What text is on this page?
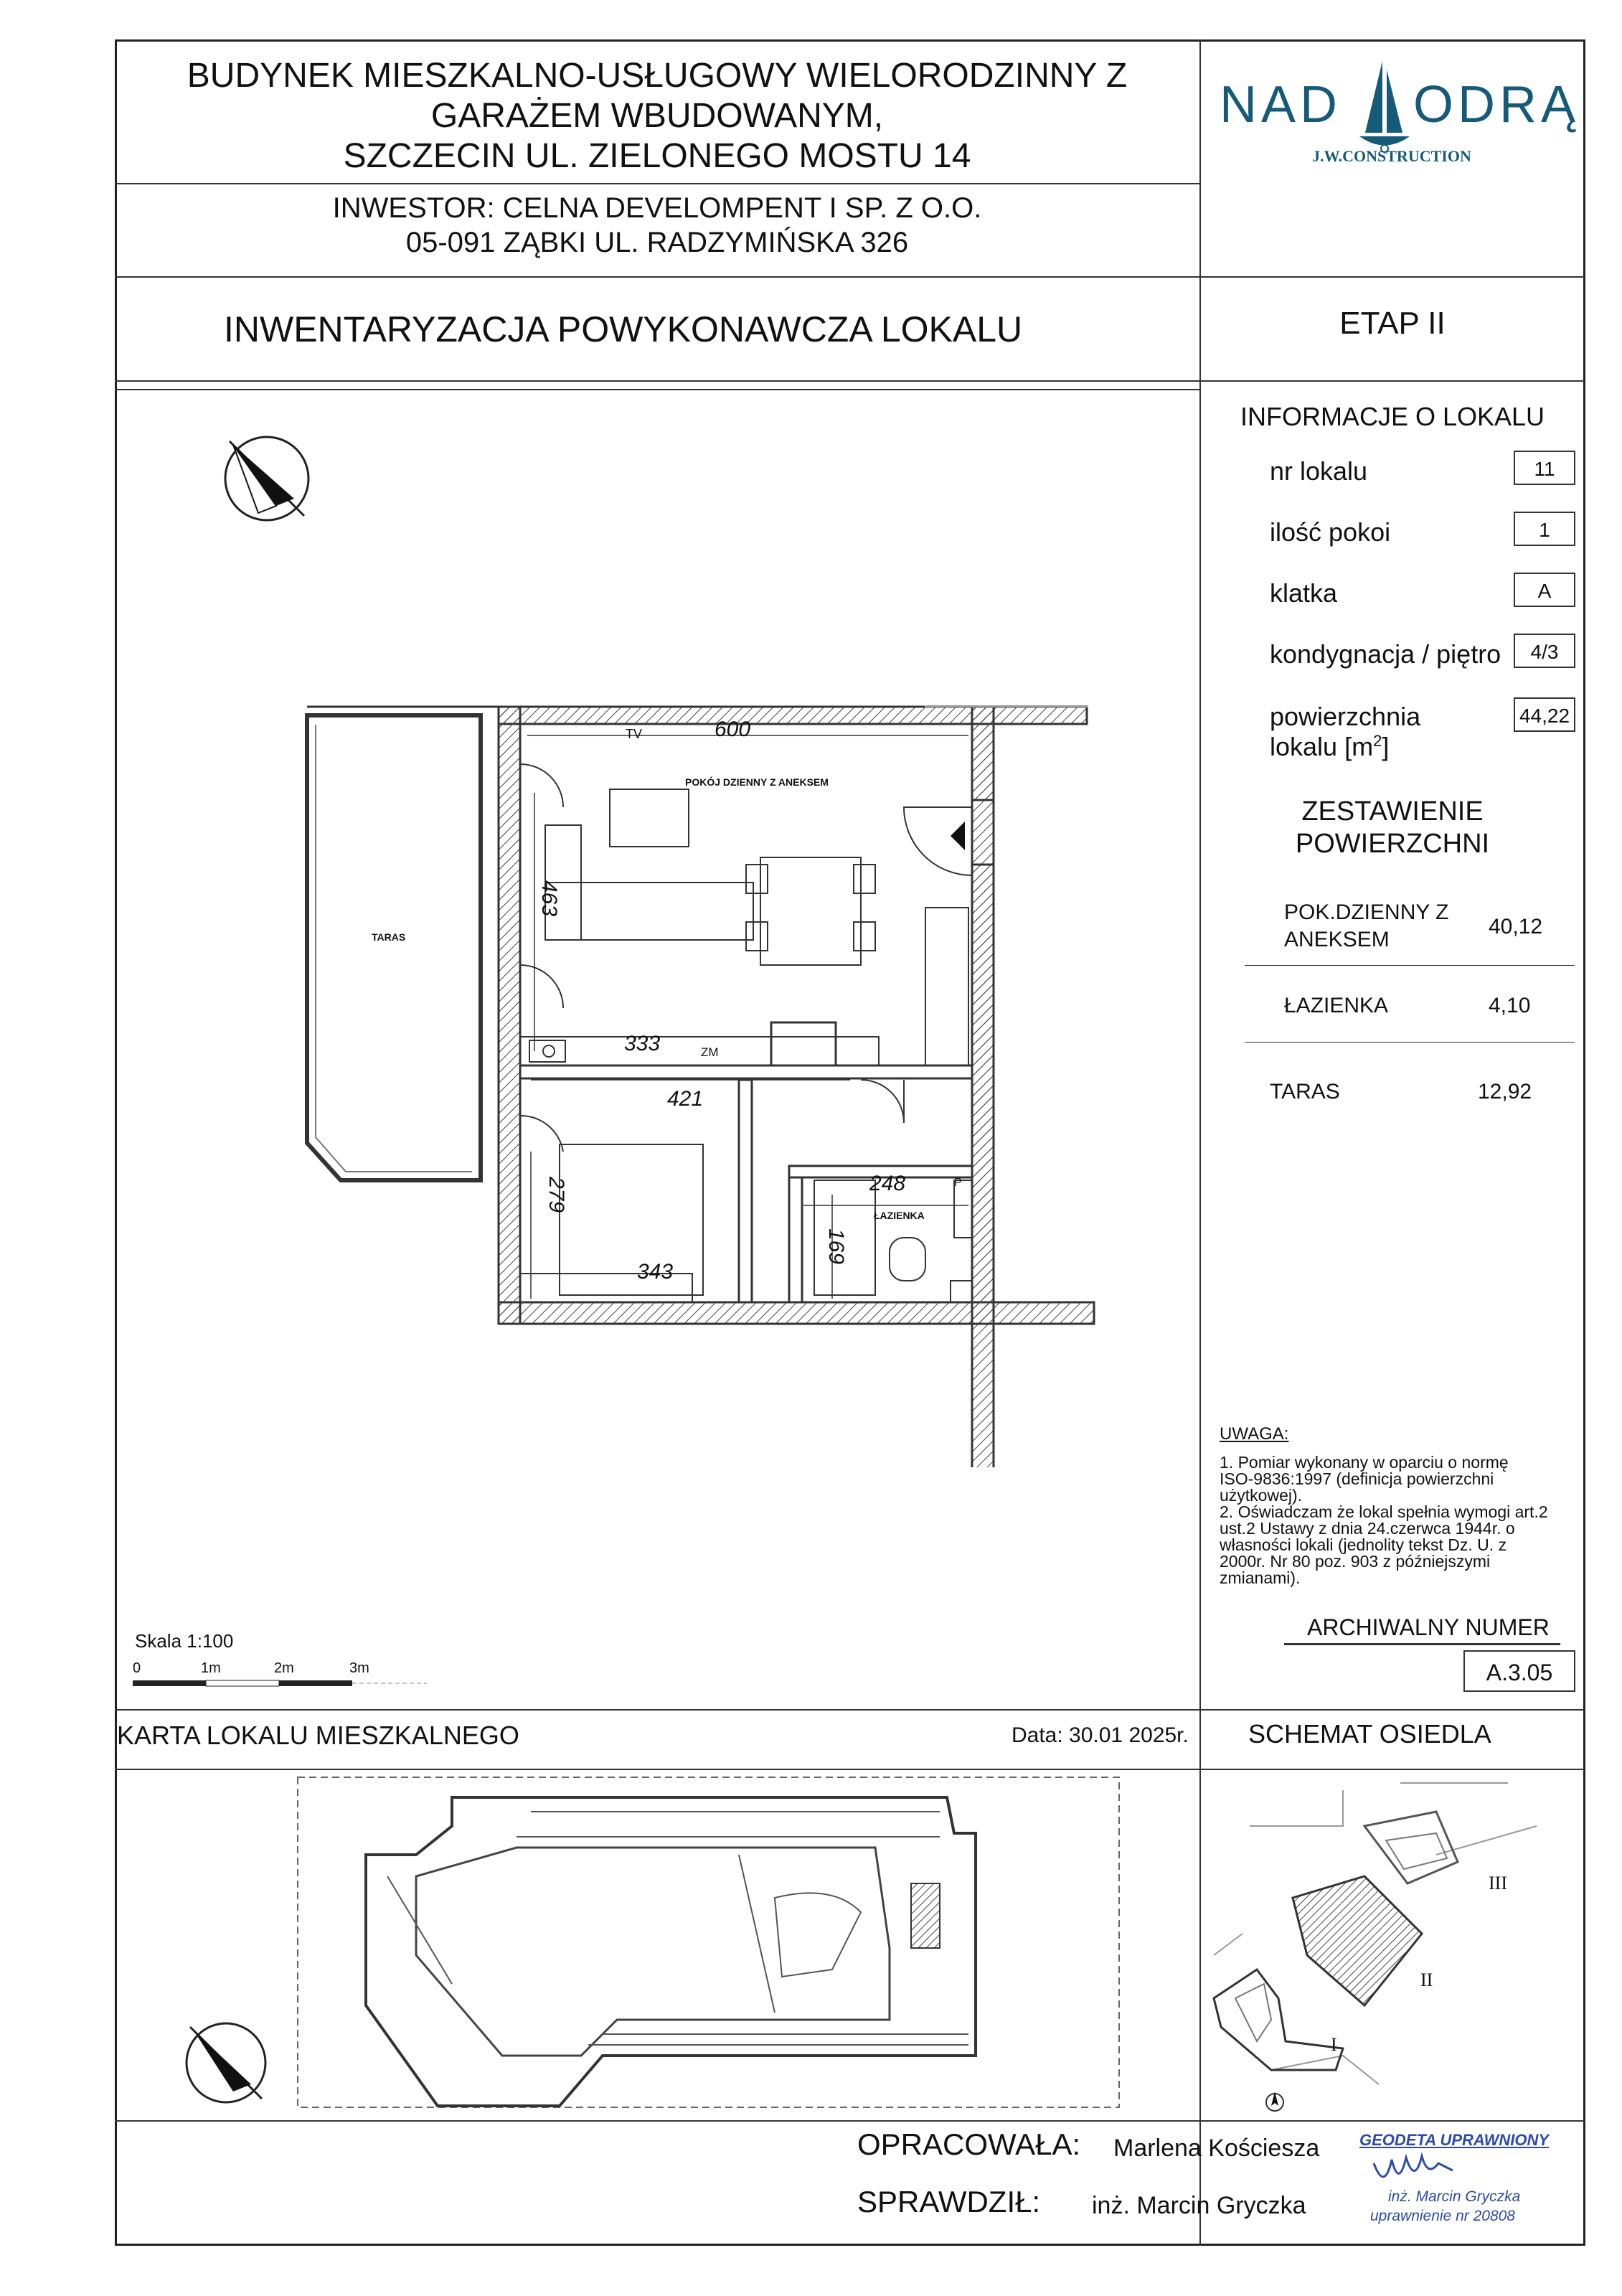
BUDYNEK MIESZKALNO-USŁUGOWY WIELORODZINNY Z
GARAŻEM WBUDOWANYM,
SZCZECIN UL. ZIELONEGO MOSTU 14
INWESTOR: CELNA DEVELOMPENT I SP. Z O.O.
05-091 ZĄBKI UL. RADZYMIŃSKA 326
INWENTARYZACJA POWYKONAWCZA LOKALU	ETAP II
NAD ODRĄ
J.W.CONSTRUCTION
INFORMACJE O LOKALU
nr lokalu	11
ilość pokoi	1
klatka	A
kondygnacja / piętro	4/3
powierzchnia
lokalu $[m^2]$
44,22
ZESTAWIENIE
POWIERZCHNI
POK.DZIENNY Z
ANEKSEM
40,12
ŁAZIENKA	4,10
TARAS	12,92
UWAGA:
1. Pomiar wykonany w oparciu o normę
ISO-9836:1997 (definicja powierzchni
użytkowej).
2. Oświadczam że lokal spełnia wymogi art.2
ust.2 Ustawy z dnia 24.czerwca 1944r. o
własności lokali (jednolity tekst Dz. U. z
2000r. Nr 80 poz. 903 z późniejszymi
zmianami).
ARCHIWALNY NUMER
A.3.05
Skala 1:100
0	1m	2m	3m
KARTA LOKALU MIESZKALNEGO	Data: 30.01 2025r. SCHEMAT OSIEDLA
600
TV
POKÓJ DZIENNY Z ANEKSEM
463
333	ZM
421
279
343
248	P
ŁAZIENKA
169
TARAS
I
II
III
OPRACOWAŁA: Marlena Kościesza
SPRAWDZIŁ: inż. Marcin Gryczka
GEODETA UPRAWNIONY
inż. Marcin Gryczka
uprawnienie nr 20808
